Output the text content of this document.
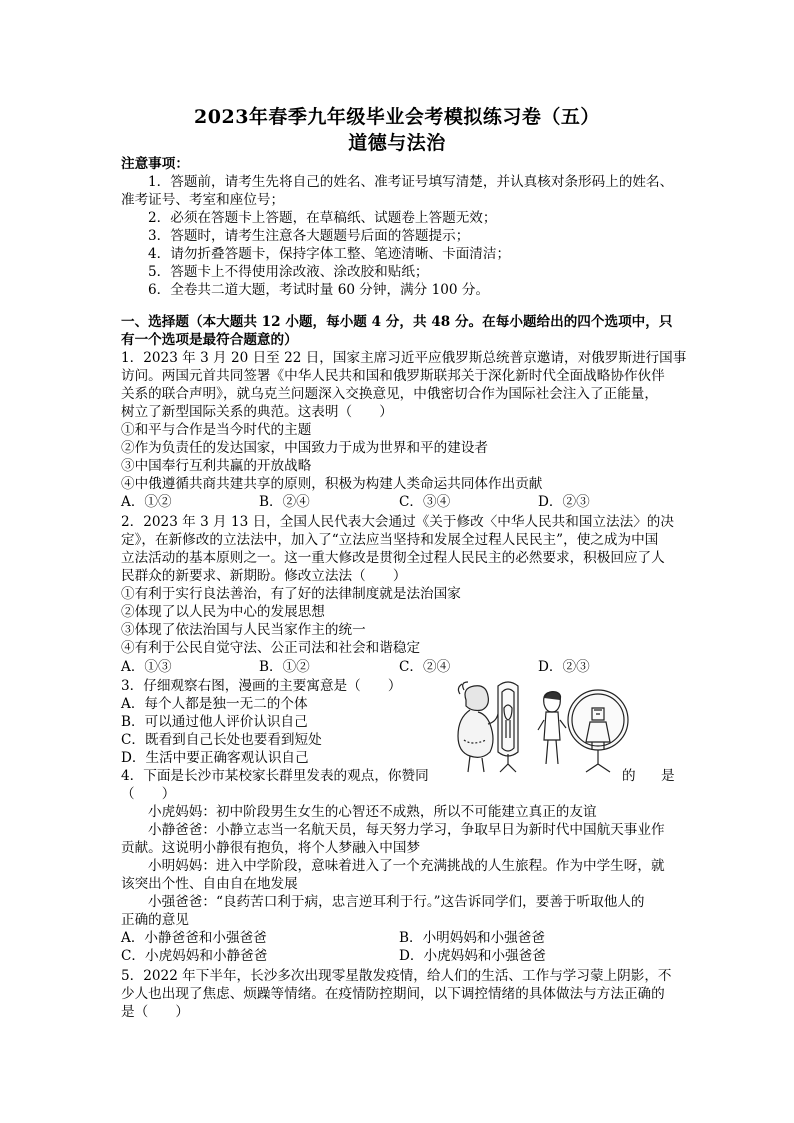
2023年春季九年级毕业会考模拟练习卷（五）
道德与法治
注意事项：
1．答题前，请考生先将自己的姓名、准考证号填写清楚，并认真核对条形码上的姓名、
准考证号、考室和座位号；
2．必须在答题卡上答题，在草稿纸、试题卷上答题无效；
3．答题时，请考生注意各大题题号后面的答题提示；
4．请勿折叠答题卡，保持字体工整、笔迹清晰、卡面清洁；
5．答题卡上不得使用涂改液、涂改胶和贴纸；
6．全卷共二道大题，考试时量 60 分钟，满分 100 分。
一、选择题（本大题共 12 小题，每小题 4 分，共 48 分。在每小题给出的四个选项中，只
有一个选项是最符合题意的）
1．2023 年 3 月 20 日至 22 日，国家主席习近平应俄罗斯总统普京邀请，对俄罗斯进行国事
访问。两国元首共同签署《中华人民共和国和俄罗斯联邦关于深化新时代全面战略协作伙伴
关系的联合声明》，就乌克兰问题深入交换意见，中俄密切合作为国际社会注入了正能量，
树立了新型国际关系的典范。这表明（　　）
①和平与合作是当今时代的主题
②作为负责任的发达国家，中国致力于成为世界和平的建设者
③中国奉行互利共赢的开放战略
④中俄遵循共商共建共享的原则，积极为构建人类命运共同体作出贡献
A．①②	B．②④	C．③④	D．②③
2．2023 年 3 月 13 日，全国人民代表大会通过《关于修改〈中华人民共和国立法法〉的决
定》，在新修改的立法法中，加入了“立法应当坚持和发展全过程人民民主”，使之成为中国
立法活动的基本原则之一。这一重大修改是贯彻全过程人民民主的必然要求，积极回应了人
民群众的新要求、新期盼。修改立法法（　　）
①有利于实行良法善治，有了好的法律制度就是法治国家
②体现了以人民为中心的发展思想
③体现了依法治国与人民当家作主的统一
④有利于公民自觉守法、公正司法和社会和谐稳定
A．①③	B．①②	C．②④	D．②③
3．仔细观察右图，漫画的主要寓意是（　　）
A．每个人都是独一无二的个体
B．可以通过他人评价认识自己
C．既看到自己长处也要看到短处
D．生活中要正确客观认识自己
4．下面是长沙市某校家长群里发表的观点，你赞同	的 是
（　　）
小虎妈妈：初中阶段男生女生的心智还不成熟，所以不可能建立真正的友谊
小静爸爸：小静立志当一名航天员，每天努力学习，争取早日为新时代中国航天事业作
贡献。这说明小静很有抱负，将个人梦融入中国梦
小明妈妈：进入中学阶段，意味着进入了一个充满挑战的人生旅程。作为中学生呀，就
该突出个性、自由自在地发展
小强爸爸：“良药苦口利于病，忠言逆耳利于行。”这告诉同学们，要善于听取他人的
正确的意见
A．小静爸爸和小强爸爸	B．小明妈妈和小强爸爸
C．小虎妈妈和小静爸爸	D．小虎妈妈和小强爸爸
5．2022 年下半年，长沙多次出现零星散发疫情，给人们的生活、工作与学习蒙上阴影，不
少人也出现了焦虑、烦躁等情绪。在疫情防控期间，以下调控情绪的具体做法与方法正确的
是（　　）
